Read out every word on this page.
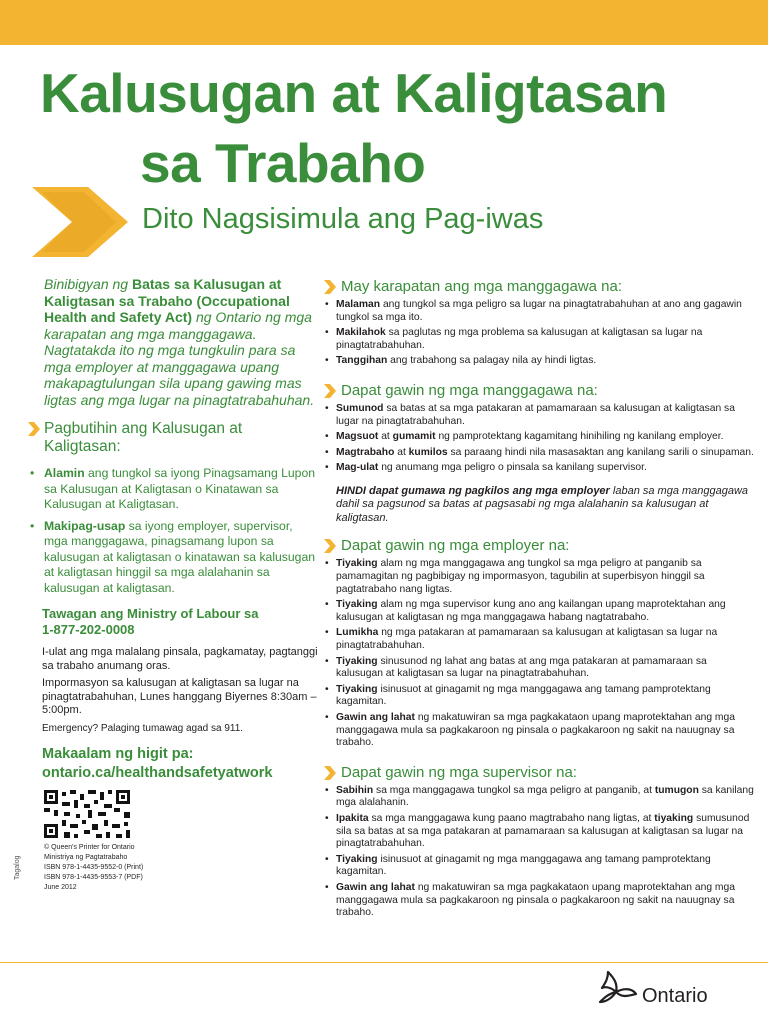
Kalusugan at Kaligtasan
sa Trabaho
Dito Nagsisimula ang Pag-iwas

Binibigyan ng Batas sa Kalusugan at Kaligtasan sa Trabaho (Occupational Health and Safety Act) ng Ontario ng mga karapatan ang mga manggagawa. Nagtatakda ito ng mga tungkulin para sa mga employer at manggagawa upang makapagtulungan sila upang gawing mas ligtas ang mga lugar na pinagtatrabahuhan.

Pagbutihin ang Kalusugan at Kaligtasan:
• Alamin ang tungkol sa iyong Pinagsamang Lupon sa Kalusugan at Kaligtasan o Kinatawan sa Kalusugan at Kaligtasan.
• Makipag-usap sa iyong employer, supervisor, mga manggagawa, pinagsamang lupon sa kalusugan at kaligtasan o kinatawan sa kalusugan at kaligtasan hinggil sa mga alalahanin sa kalusugan at kaligtasan.
Tawagan ang Ministry of Labour sa
1-877-202-0008

I-ulat ang mga malalang pinsala, pagkamatay, pagtanggi sa trabaho anumang oras.

Impormasyon sa kalusugan at kaligtasan sa lugar na pinagtatrabahuhan, Lunes hanggang Biyernes 8:30am – 5:00pm.

Emergency? Palaging tumawag agad sa 911.

Makaalam ng higit pa:
ontario.ca/healthandsafetyatwork
© Queen's Printer for Ontario
Ministriya ng Pagtatrabaho
ISBN 978-1-4435-9552-0 (Print)
ISBN 978-1-4435-9553-7 (PDF)
June 2012
Tagalog
May karapatan ang mga manggagawa na:
• Malaman ang tungkol sa mga peligro sa lugar na pinagtatrabahuhan at ano ang gagawin tungkol sa mga ito.
• Makilahok sa paglutas ng mga problema sa kalusugan at kaligtasan sa lugar na pinagtatrabahuhan.
• Tanggihan ang trabahong sa palagay nila ay hindi ligtas.
Dapat gawin ng mga manggagawa na:
• Sumunod sa batas at sa mga patakaran at pamamaraan sa kalusugan at kaligtasan sa lugar na pinagtatrabahuhan.
• Magsuot at gumamit ng pamprotektang kagamitang hinihiling ng kanilang employer.
• Magtrabaho at kumilos sa paraang hindi nila masasaktan ang kanilang sarili o sinupaman.
• Mag-ulat ng anumang mga peligro o pinsala sa kanilang supervisor.

HINDI dapat gumawa ng pagkilos ang mga employer laban sa mga manggagawa dahil sa pagsunod sa batas at pagsasabi ng mga alalahanin sa kalusugan at kaligtasan.

Dapat gawin ng mga employer na:
• Tiyaking alam ng mga manggagawa ang tungkol sa mga peligro at panganib sa pamamagitan ng pagbibigay ng impormasyon, tagubilin at superbisyon hinggil sa pagtatrabaho nang ligtas.
• Tiyaking alam ng mga supervisor kung ano ang kailangan upang maprotektahan ang kalusugan at kaligtasan ng mga manggagawa habang nagtatrabaho.
• Lumikha ng mga patakaran at pamamaraan sa kalusugan at kaligtasan sa lugar na pinagtatrabahuhan.
• Tiyaking sinusunod ng lahat ang batas at ang mga patakaran at pamamaraan sa kalusugan at kaligtasan sa lugar na pinagtatrabahuhan.
• Tiyaking isinusuot at ginagamit ng mga manggagawa ang tamang pamprotektang kagamitan.
• Gawin ang lahat ng makatuwiran sa mga pagkakataon upang maprotektahan ang mga manggagawa mula sa pagkakaroon ng pinsala o pagkakaroon ng sakit na nauugnay sa trabaho.
Dapat gawin ng mga supervisor na:
• Sabihin sa mga manggagawa tungkol sa mga peligro at panganib, at tumugon sa kanilang mga alalahanin.
• Ipakita sa mga manggagawa kung paano magtrabaho nang ligtas, at tiyaking sumusunod sila sa batas at sa mga patakaran at pamamaraan sa kalusugan at kaligtasan sa lugar na pinagtatrabahuhan.
• Tiyaking isinusuot at ginagamit ng mga manggagawa ang tamang pamprotektang kagamitan.
• Gawin ang lahat ng makatuwiran sa mga pagkakataon upang maprotektahan ang mga manggagawa mula sa pagkakaroon ng pinsala o pagkakaroon ng sakit na nauugnay sa trabaho.
Ontario
